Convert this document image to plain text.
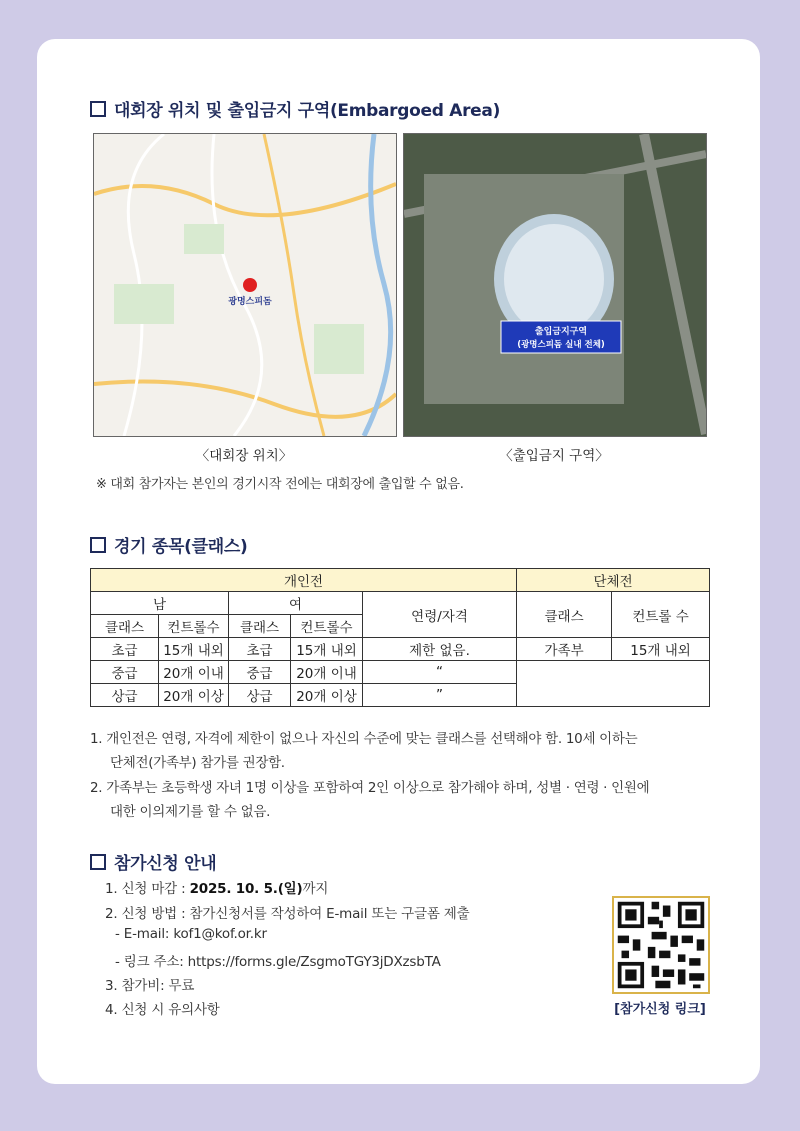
대회장 위치 및 출입금지 구역(Embargoed Area)
광명스피돔
출입금지구역
(광명스피돔 실내 전체)
〈대회장 위치〉	〈출입금지 구역〉
※ 대회 참가자는 본인의 경기시작 전에는 대회장에 출입할 수 없음.
경기 종목(클래스)
개인전					단체전	
남		여		연령/자격	클래스	컨트롤 수
클래스	컨트롤수	클래스	컨트롤수			
초급	15개 내외	초급	15개 내외	제한 없음.	가족부	15개 내외
중급	20개 이내	중급	20개 이내	“		
상급	20개 이상	상급	20개 이상	”		
1. 개인전은 연령, 자격에 제한이 없으나 자신의 수준에 맞는 클래스를 선택해야 함. 10세 이하는
단체전(가족부) 참가를 권장함.
2. 가족부는 초등학생 자녀 1명 이상을 포함하여 2인 이상으로 참가해야 하며, 성별 · 연령 · 인원에
대한 이의제기를 할 수 없음.
참가신청 안내
1. 신청 마감 : 2025. 10. 5.(일)까지
2. 신청 방법 : 참가신청서를 작성하여 E-mail 또는 구글폼 제출
- E-mail: kof1@kof.or.kr
- 링크 주소: https://forms.gle/ZsgmoTGY3jDXzsbTA
3. 참가비: 무료
4. 신청 시 유의사항	[참가신청 링크]
